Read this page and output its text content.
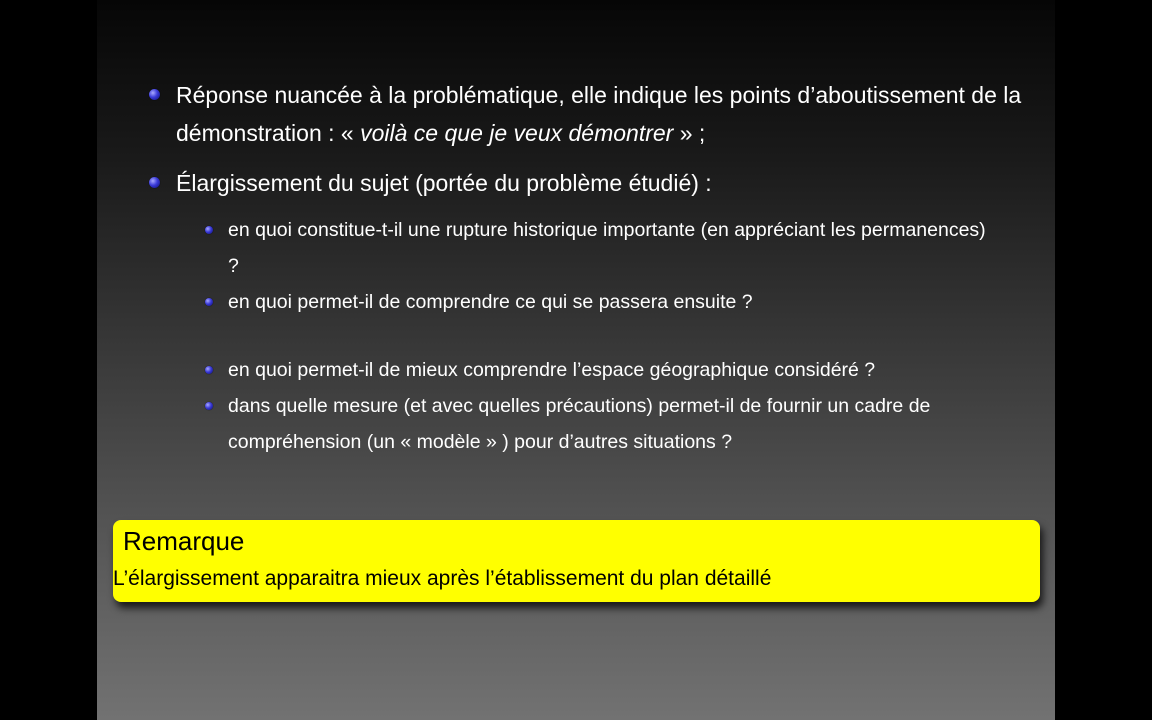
Réponse nuancée à la problématique, elle indique les points d’aboutissement de la démonstration : « voilà ce que je veux démontrer » ;
Élargissement du sujet (portée du problème étudié) :
en quoi constitue-t-il une rupture historique importante (en appréciant les permanences) ?
en quoi permet-il de comprendre ce qui se passera ensuite ?
en quoi permet-il de mieux comprendre l’espace géographique considéré ?
dans quelle mesure (et avec quelles précautions) permet-il de fournir un cadre de compréhension (un « modèle » ) pour d’autres situations ?
Remarque
L’élargissement apparaitra mieux après l’établissement du plan détaillé
